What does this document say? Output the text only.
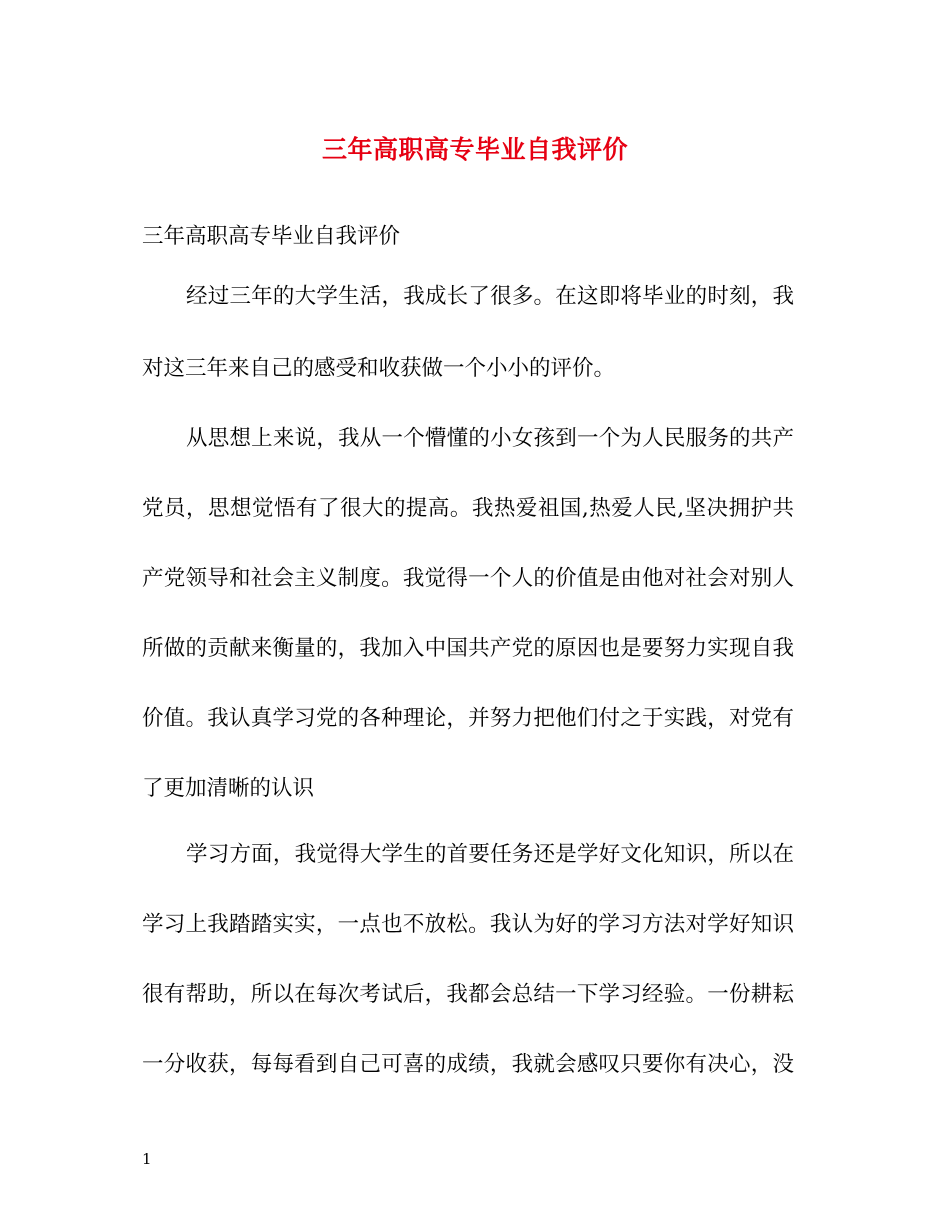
三年高职高专毕业自我评价
三年高职高专毕业自我评价
经过三年的大学生活，我成长了很多。在这即将毕业的时刻，我
对这三年来自己的感受和收获做一个小小的评价。
从思想上来说，我从一个懵懂的小女孩到一个为人民服务的共产
党员，思想觉悟有了很大的提高。我热爱祖国,热爱人民,坚决拥护共
产党领导和社会主义制度。我觉得一个人的价值是由他对社会对别人
所做的贡献来衡量的，我加入中国共产党的原因也是要努力实现自我
价值。我认真学习党的各种理论，并努力把他们付之于实践，对党有
了更加清晰的认识
学习方面，我觉得大学生的首要任务还是学好文化知识，所以在
学习上我踏踏实实，一点也不放松。我认为好的学习方法对学好知识
很有帮助，所以在每次考试后，我都会总结一下学习经验。一份耕耘
一分收获，每每看到自己可喜的成绩，我就会感叹只要你有决心，没
1
